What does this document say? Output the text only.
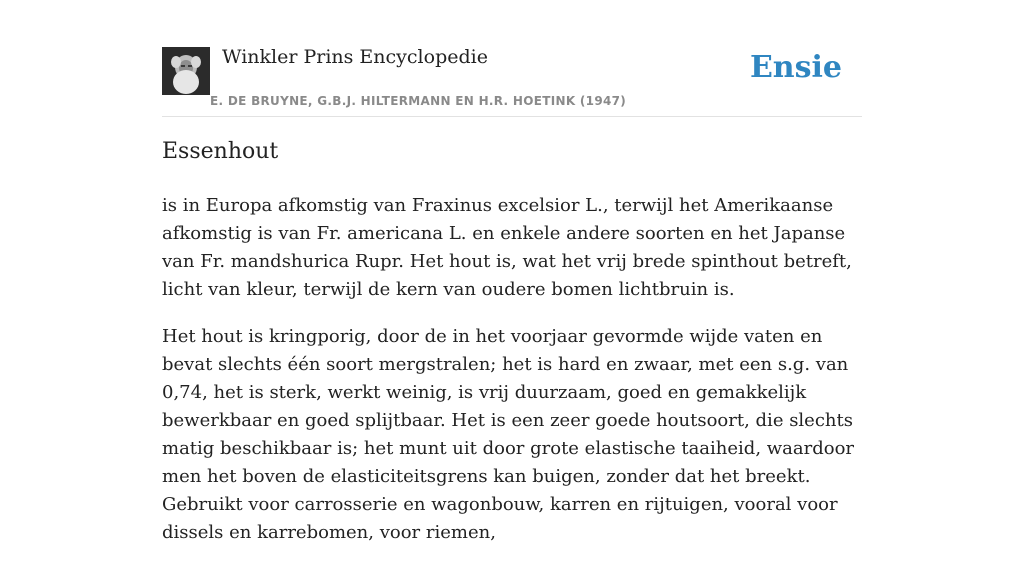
Winkler Prins Encyclopedie
E. DE BRUYNE, G.B.J. HILTERMANN EN H.R. HOETINK (1947)
Ensie
Essenhout

is in Europa afkomstig van Fraxinus excelsior L., terwijl het Amerikaanse afkomstig is van Fr. americana L. en enkele andere soorten en het Japanse van Fr. mandshurica Rupr. Het hout is, wat het vrij brede spinthout betreft, licht van kleur, terwijl de kern van oudere bomen lichtbruin is.

Het hout is kringporig, door de in het voorjaar gevormde wijde vaten en bevat slechts één soort mergstralen; het is hard en zwaar, met een s.g. van 0,74, het is sterk, werkt weinig, is vrij duurzaam, goed en gemakkelijk bewerkbaar en goed splijtbaar. Het is een zeer goede houtsoort, die slechts matig beschikbaar is; het munt uit door grote elastische taaiheid, waardoor men het boven de elasticiteitsgrens kan buigen, zonder dat het breekt. Gebruikt voor carrosserie en wagonbouw, karren en rijtuigen, vooral voor dissels en karrebomen, voor riemen,
